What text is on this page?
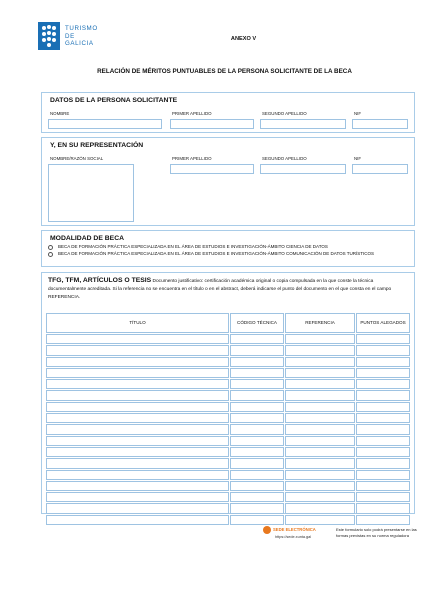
TURISMO
DE
GALICIA
ANEXO V
RELACIÓN DE MÉRITOS PUNTUABLES DE LA PERSONA SOLICITANTE DE LA BECA
DATOS DE LA PERSONA SOLICITANTE
NOMBRE	PRIMER APELLIDO	SEGUNDO APELLIDO	NIF
Y, EN SU REPRESENTACIÓN
NOMBRE/RAZÓN SOCIAL	PRIMER APELLIDO	SEGUNDO APELLIDO	NIF
MODALIDAD DE BECA
BECA DE FORMACIÓN PRÁCTICA ESPECIALIZADA EN EL ÁREA DE ESTUDIOS E INVESTIGACIÓN-ÁMBITO CIENCIA DE DATOS
BECA DE FORMACIÓN PRÁCTICA ESPECIALIZADA EN EL ÁREA DE ESTUDIOS E INVESTIGACIÓN-ÁMBITO COMUNICACIÓN DE DATOS TURÍSTICOS
TFG, TFM, ARTÍCULOS O TESIS Documento justificativo: certificación académica original o copia compulsada en la que conste la técnica documentalmente acreditada. Si la referencia no se encuentra en el título o en el abstract, deberá indicarse el punto del documento en el que consta en el campo REFERENCIA.
TÍTULO	CÓDIGO TÉCNICA	REFERENCIA	PUNTOS ALEGADOS

SEDE ELECTRÓNICA
https://sede.xunta.gal
Este formulario solo podrá presentarse en las formas previstas en su norma reguladora
